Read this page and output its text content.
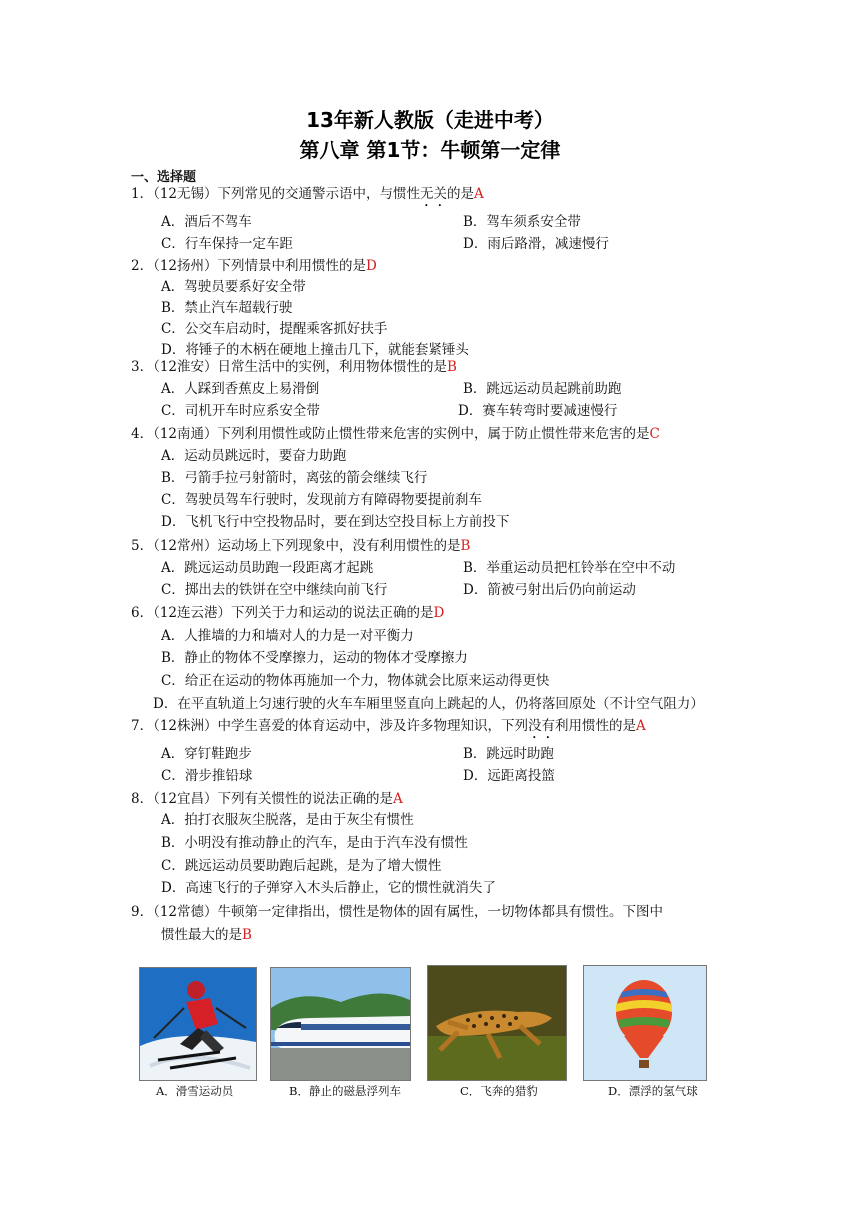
13年新人教版（走进中考）
第八章 第1节：牛顿第一定律
一、选择题
1．（12无锡）下列常见的交通警示语中，与惯性无关的是A
A．酒后不驾车	B．驾车须系安全带
C．行车保持一定车距	D．雨后路滑，减速慢行
2．（12扬州）下列情景中利用惯性的是D
A．驾驶员要系好安全带
B．禁止汽车超载行驶
C．公交车启动时，提醒乘客抓好扶手
D．将锤子的木柄在硬地上撞击几下，就能套紧锤头
3．（12淮安）日常生活中的实例，利用物体惯性的是B
A．人踩到香蕉皮上易滑倒	B．跳远运动员起跳前助跑
C．司机开车时应系安全带	D．赛车转弯时要减速慢行
4．（12南通）下列利用惯性或防止惯性带来危害的实例中，属于防止惯性带来危害的是C
A．运动员跳远时，要奋力助跑
B．弓箭手拉弓射箭时，离弦的箭会继续飞行
C．驾驶员驾车行驶时，发现前方有障碍物要提前刹车
D．飞机飞行中空投物品时，要在到达空投目标上方前投下
5．（12常州）运动场上下列现象中，没有利用惯性的是B
A．跳远运动员助跑一段距离才起跳	B．举重运动员把杠铃举在空中不动
C．掷出去的铁饼在空中继续向前飞行	D．箭被弓射出后仍向前运动
6．（12连云港）下列关于力和运动的说法正确的是D
A．人推墙的力和墙对人的力是一对平衡力
B．静止的物体不受摩擦力，运动的物体才受摩擦力
C．给正在运动的物体再施加一个力，物体就会比原来运动得更快
D．在平直轨道上匀速行驶的火车车厢里竖直向上跳起的人，仍将落回原处（不计空气阻力）
7．（12株洲）中学生喜爱的体育运动中，涉及许多物理知识，下列没有利用惯性的是A
A．穿钉鞋跑步	B．跳远时助跑
C．滑步推铅球	D．远距离投篮
8．（12宜昌）下列有关惯性的说法正确的是A
A．拍打衣服灰尘脱落，是由于灰尘有惯性
B．小明没有推动静止的汽车，是由于汽车没有惯性
C．跳远运动员要助跑后起跳，是为了增大惯性
D．高速飞行的子弹穿入木头后静止，它的惯性就消失了
9．（12常德）牛顿第一定律指出，惯性是物体的固有属性，一切物体都具有惯性。下图中
惯性最大的是B
A．滑雪运动员	B．静止的磁悬浮列车	C．飞奔的猎豹	D．漂浮的氢气球
